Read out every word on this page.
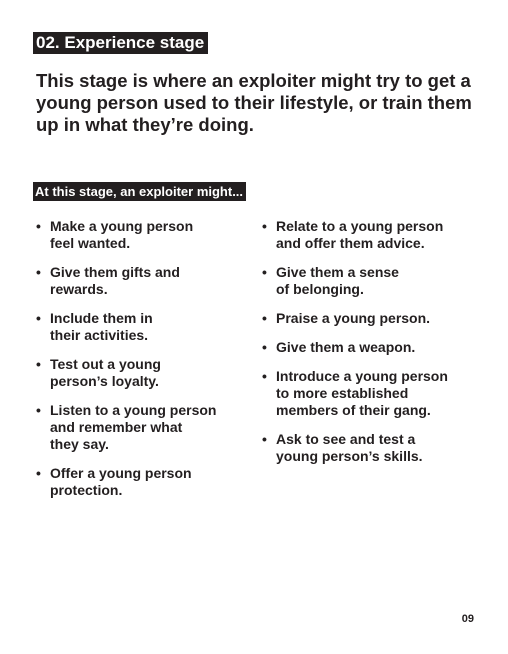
02. Experience stage

This stage is where an exploiter might try to get a
young person used to their lifestyle, or train them
up in what they’re doing.

At this stage, an exploiter might...
• Make a young person
feel wanted.
• Give them gifts and
rewards.
• Include them in
their activities.
• Test out a young
person’s loyalty.
• Listen to a young person
and remember what
they say.
• Offer a young person
protection.
• Relate to a young person
and offer them advice.
• Give them a sense
of belonging.
• Praise a young person.
• Give them a weapon.
• Introduce a young person
to more established
members of their gang.
• Ask to see and test a
young person’s skills.
09
